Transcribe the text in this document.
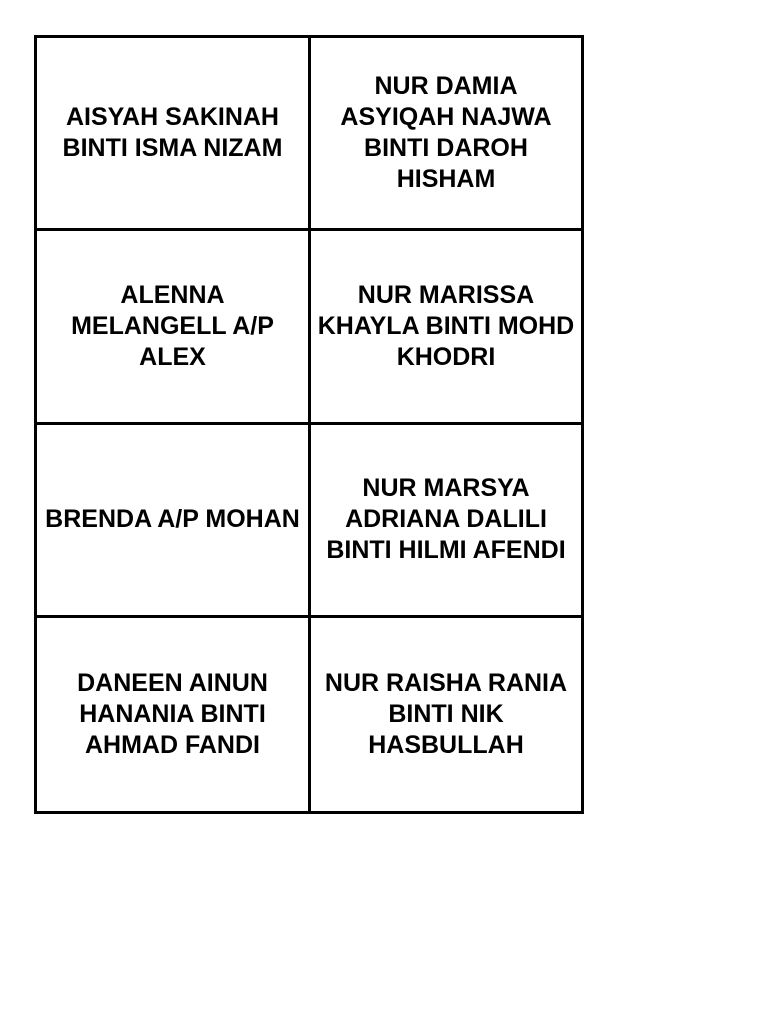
AISYAH SAKINAH BINTI ISMA NIZAM
NUR DAMIA ASYIQAH NAJWA BINTI DAROH HISHAM
ALENNA MELANGELL A/P ALEX
NUR MARISSA KHAYLA BINTI MOHD KHODRI
BRENDA A/P MOHAN
NUR MARSYA ADRIANA DALILI BINTI HILMI AFENDI
DANEEN AINUN HANANIA BINTI AHMAD FANDI
NUR RAISHA RANIA BINTI NIK HASBULLAH
